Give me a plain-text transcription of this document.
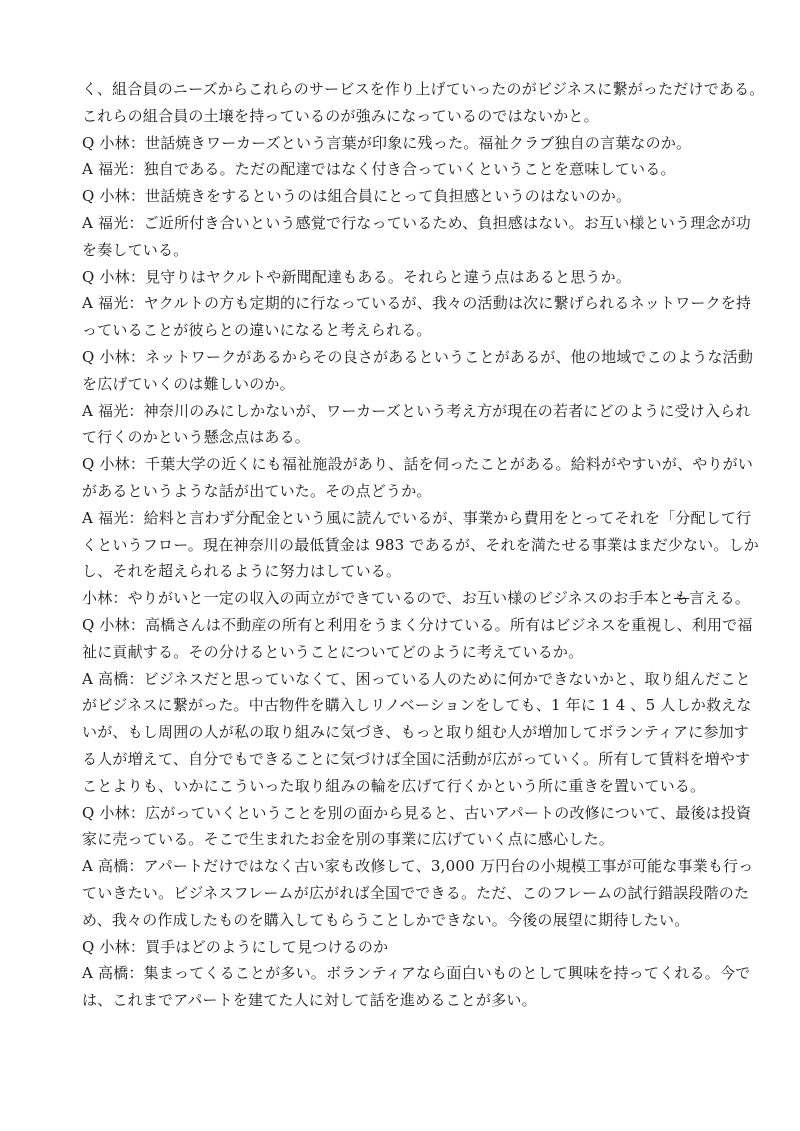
く、組合員のニーズからこれらのサービスを作り上げていったのがビジネスに繋がっただけである。
これらの組合員の土壌を持っているのが強みになっているのではないかと。
Q 小林：世話焼きワーカーズという言葉が印象に残った。福祉クラブ独自の言葉なのか。
A 福光：独自である。ただの配達ではなく付き合っていくということを意味している。
Q 小林：世話焼きをするというのは組合員にとって負担感というのはないのか。
A 福光：ご近所付き合いという感覚で行なっているため、負担感はない。お互い様という理念が功
を奏している。
Q 小林：見守りはヤクルトや新聞配達もある。それらと違う点はあると思うか。
A 福光：ヤクルトの方も定期的に行なっているが、我々の活動は次に繋げられるネットワークを持
っていることが彼らとの違いになると考えられる。
Q 小林：ネットワークがあるからその良さがあるということがあるが、他の地域でこのような活動
を広げていくのは難しいのか。
A 福光：神奈川のみにしかないが、ワーカーズという考え方が現在の若者にどのように受け入られ
て行くのかという懸念点はある。
Q 小林：千葉大学の近くにも福祉施設があり、話を伺ったことがある。給料がやすいが、やりがい
があるというような話が出ていた。その点どうか。
A 福光：給料と言わず分配金という風に読んでいるが、事業から費用をとってそれを「分配して行
くというフロー。現在神奈川の最低賃金は 983 であるが、それを満たせる事業はまだ少ない。しか
し、それを超えられるように努力はしている。
小林：やりがいと一定の収入の両立ができているので、お互い様のビジネスのお手本とも言える。
Q 小林：高橋さんは不動産の所有と利用をうまく分けている。所有はビジネスを重視し、利用で福
祉に貢献する。その分けるということについてどのように考えているか。
A 高橋：ビジネスだと思っていなくて、困っている人のために何かできないかと、取り組んだこと
がビジネスに繋がった。中古物件を購入しリノベーションをしても、1 年に 1 4 、5 人しか救えな
いが、もし周囲の人が私の取り組みに気づき、もっと取り組む人が増加してボランティアに参加す
る人が増えて、自分でもできることに気づけば全国に活動が広がっていく。所有して賃料を増やす
ことよりも、いかにこういった取り組みの輪を広げて行くかという所に重きを置いている。
Q 小林：広がっていくということを別の面から見ると、古いアパートの改修について、最後は投資
家に売っている。そこで生まれたお金を別の事業に広げていく点に感心した。
A 高橋：アパートだけではなく古い家も改修して、3,000 万円台の小規模工事が可能な事業も行っ
ていきたい。ビジネスフレームが広がれば全国でできる。ただ、このフレームの試行錯誤段階のた
め、我々の作成したものを購入してもらうことしかできない。今後の展望に期待したい。
Q 小林：買手はどのようにして見つけるのか
A 高橋：集まってくることが多い。ボランティアなら面白いものとして興味を持ってくれる。今で
は、これまでアパートを建てた人に対して話を進めることが多い。
